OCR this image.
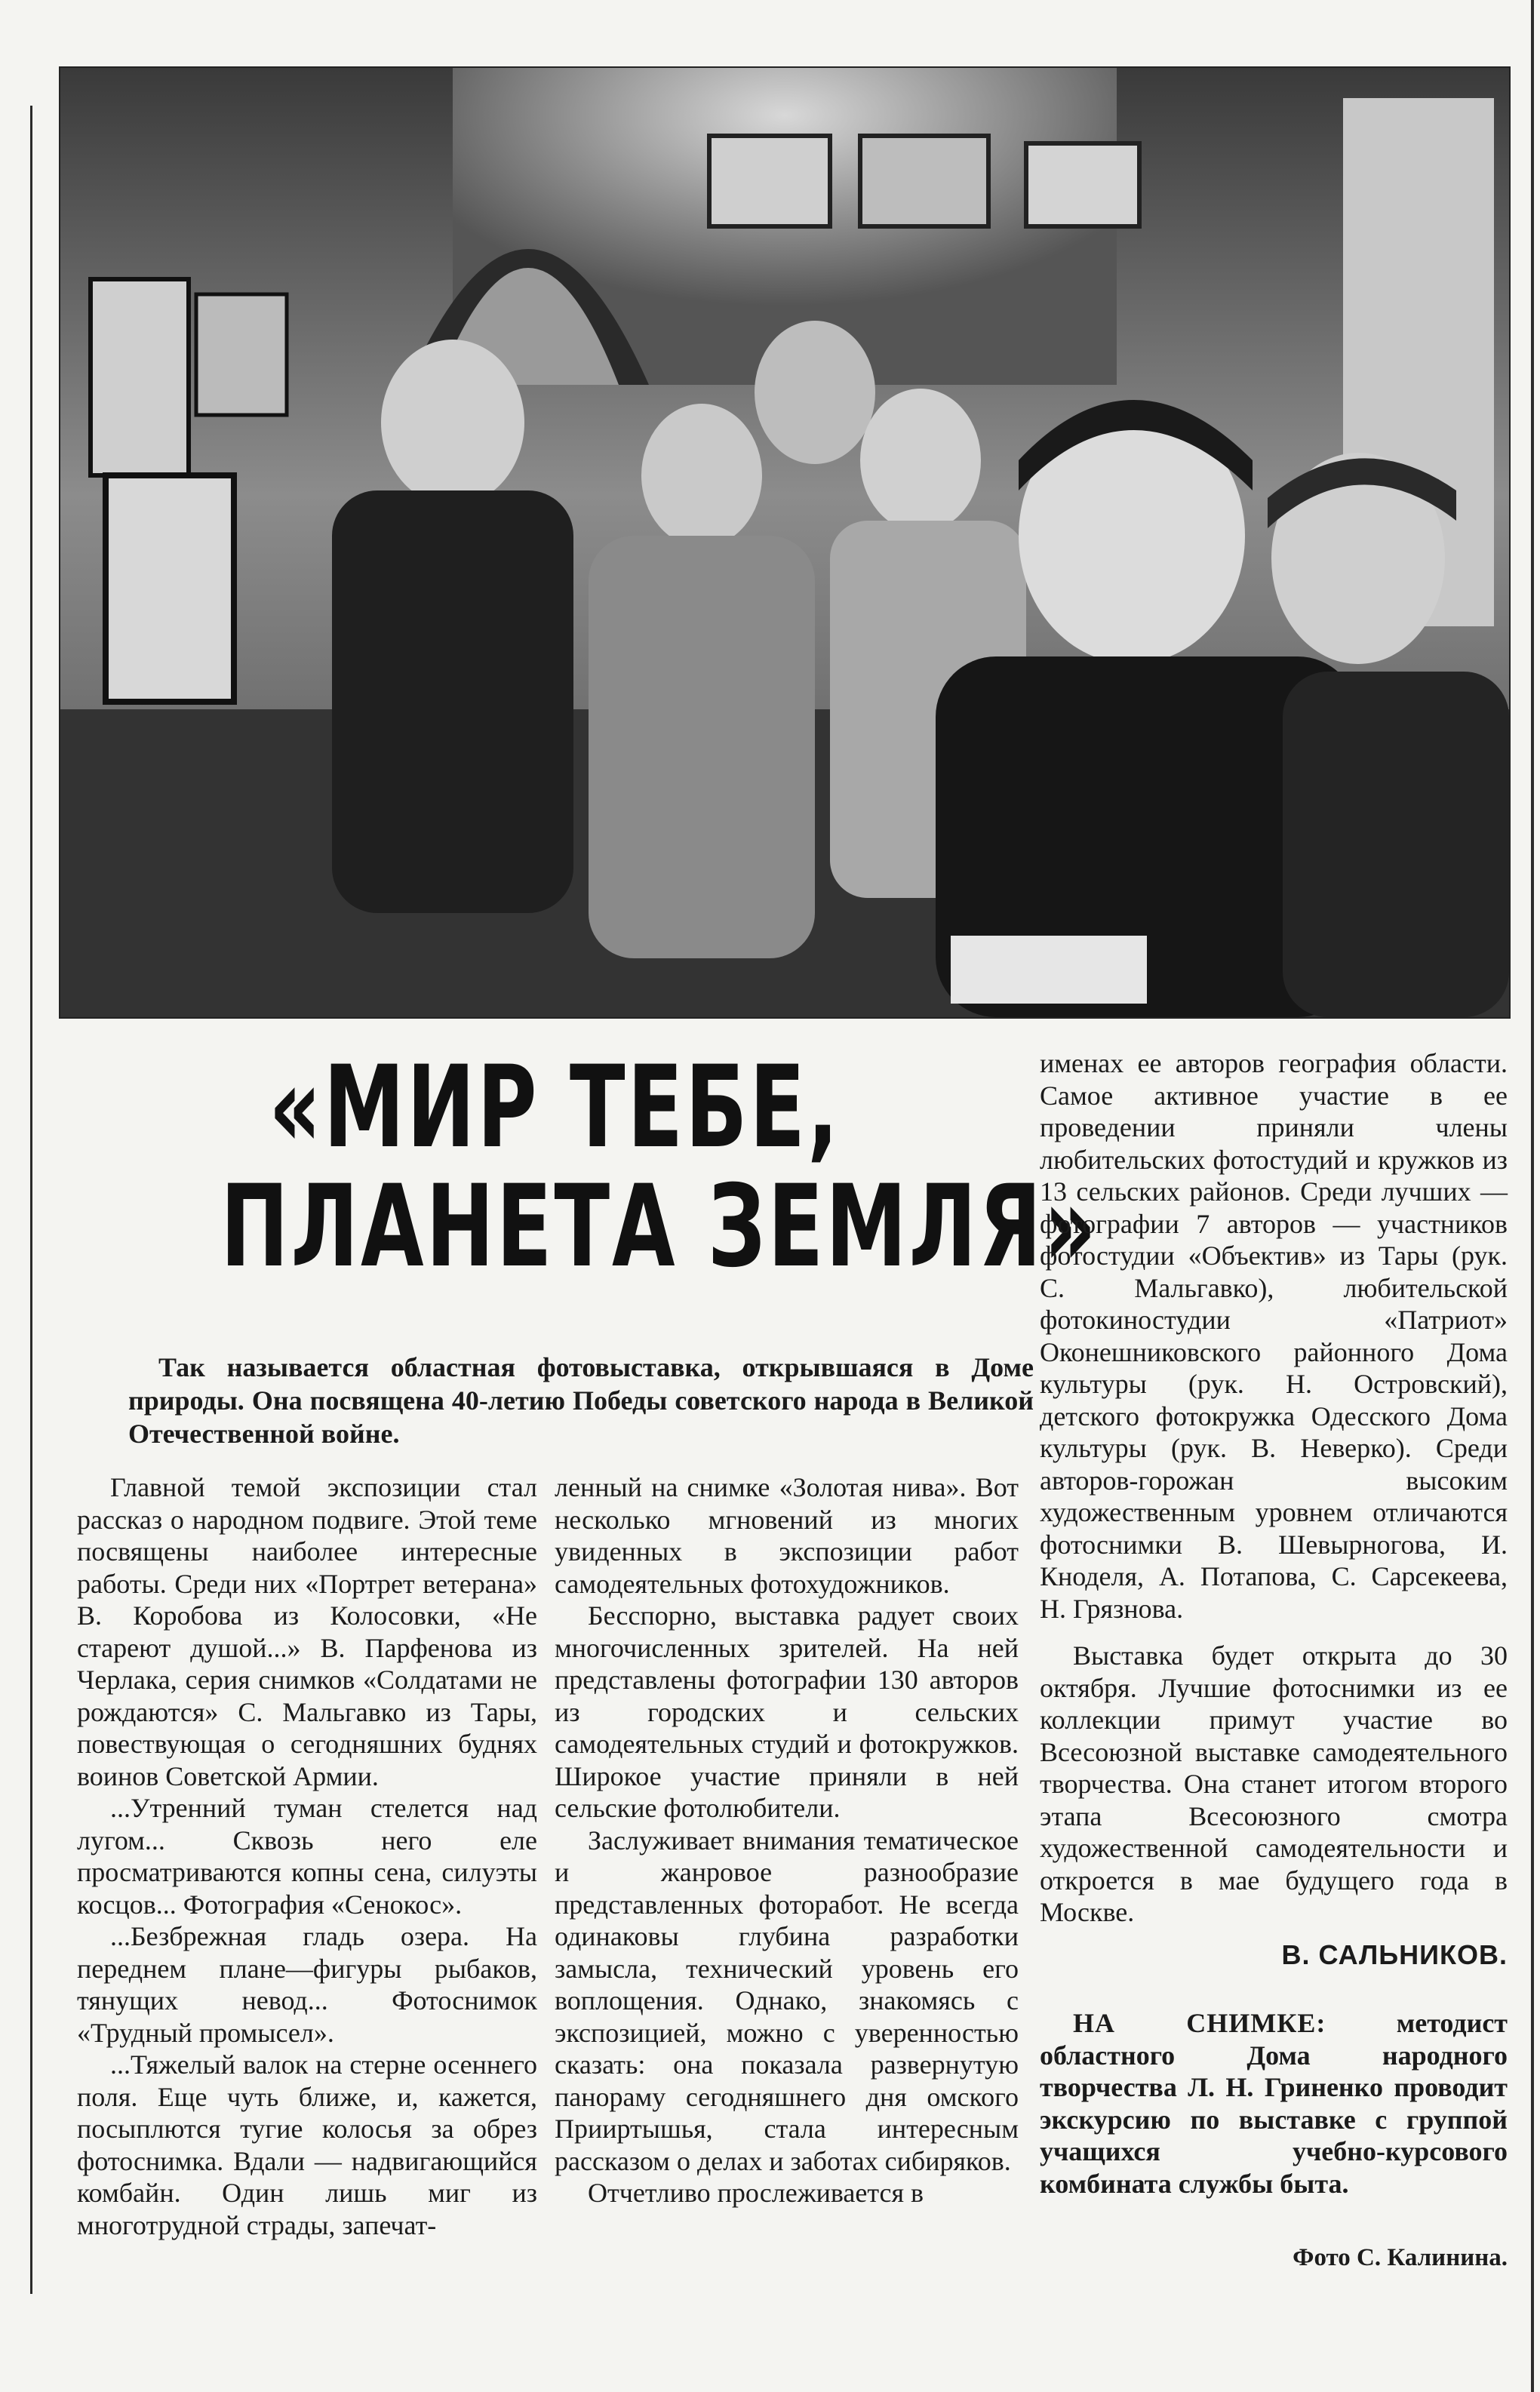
«МИР ТЕБЕ,
ПЛАНЕТА ЗЕМЛЯ»
Так называется областная фотовыставка, открывшаяся в Доме природы. Она посвящена 40-летию Победы советского народа в Великой Отечественной войне.

Главной темой экспозиции стал рассказ о народном подвиге. Этой теме посвящены наиболее интересные работы. Среди них «Портрет ветерана» В. Коробова из Колосовки, «Не стареют душой...» В. Парфенова из Черлака, серия снимков «Солдатами не рождаются» С. Мальгавко из Тары, повествующая о сегодняшних буднях воинов Советской Армии.

...Утренний туман стелется над лугом... Сквозь него еле просматриваются копны сена, силуэты косцов... Фотография «Сенокос».

...Безбрежная гладь озера. На переднем плане—фигуры рыбаков, тянущих невод... Фотоснимок «Трудный промысел».

...Тяжелый валок на стерне осеннего поля. Еще чуть ближе, и, кажется, посыплются тугие колосья за обрез фотоснимка. Вдали — надвигающийся комбайн. Один лишь миг из многотрудной страды, запечат-

ленный на снимке «Золотая нива». Вот несколько мгновений из многих увиденных в экспозиции работ самодеятельных фотохудожников.

Бесспорно, выставка радует своих многочисленных зрителей. На ней представлены фотографии 130 авторов из городских и сельских самодеятельных студий и фотокружков. Широкое участие приняли в ней сельские фотолюбители.

Заслуживает внимания тематическое и жанровое разнообразие представленных фоторабот. Не всегда одинаковы глубина разработки замысла, технический уровень его воплощения. Однако, знакомясь с экспозицией, можно с уверенностью сказать: она показала развернутую панораму сегодняшнего дня омского Прииртышья, стала интересным рассказом о делах и заботах сибиряков.

Отчетливо прослеживается в

именах ее авторов география области. Самое активное участие в ее проведении приняли члены любительских фотостудий и кружков из 13 сельских районов. Среди лучших — фотографии 7 авторов — участников фотостудии «Объектив» из Тары (рук. С. Мальгавко), любительской фотокиностудии «Патриот» Оконешниковского районного Дома культуры (рук. Н. Островский), детского фотокружка Одесского Дома культуры (рук. В. Неверко). Среди авторов-горожан высоким художественным уровнем отличаются фотоснимки В. Шевырногова, И. Кноделя, А. Потапова, С. Сарсекеева, Н. Грязнова.

Выставка будет открыта до 30 октября. Лучшие фотоснимки из ее коллекции примут участие во Всесоюзной выставке самодеятельного творчества. Она станет итогом второго этапа Всесоюзного смотра художественной самодеятельности и откроется в мае будущего года в Москве.

В. САЛЬНИКОВ.

НА СНИМКЕ:	методист областного Дома народного творчества Л. Н. Гриненко проводит экскурсию по выставке с группой учащихся учебно-курсового комбината службы быта.

Фото С. Калинина.
